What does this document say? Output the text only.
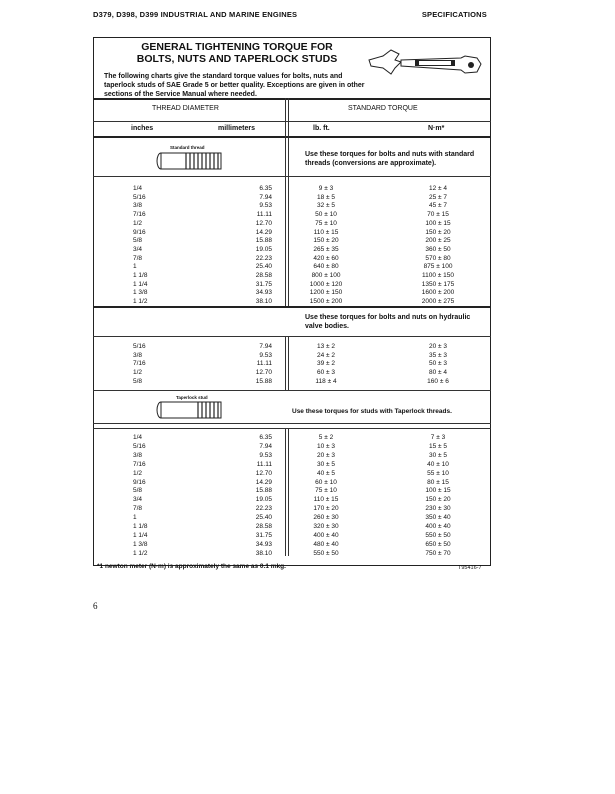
D379, D398, D399 INDUSTRIAL AND MARINE ENGINES	SPECIFICATIONS
GENERAL TIGHTENING TORQUE FOR
BOLTS, NUTS AND TAPERLOCK STUDS
The following charts give the standard torque values for bolts, nuts and taperlock studs of SAE Grade 5 or better quality. Exceptions are given in other sections of the Service Manual where needed.
THREAD DIAMETER	STANDARD TORQUE
inches	millimeters	lb. ft.	N·m*
Standard thread
Use these torques for bolts and nuts with standard threads (conversions are approximate).
1/4	6.35	9 ± 3	12 ± 4
5/16	7.94	18 ± 5	25 ± 7
3/8	9.53	32 ± 5	45 ± 7
7/16	11.11	50 ± 10	70 ± 15
1/2	12.70	75 ± 10	100 ± 15
9/16	14.29	110 ± 15	150 ± 20
5/8	15.88	150 ± 20	200 ± 25
3/4	19.05	265 ± 35	360 ± 50
7/8	22.23	420 ± 60	570 ± 80
1	25.40	640 ± 80	875 ± 100
1 1/8	28.58	800 ± 100	1100 ± 150
1 1/4	31.75	1000 ± 120	1350 ± 175
1 3/8	34.93	1200 ± 150	1600 ± 200
1 1/2	38.10	1500 ± 200	2000 ± 275
Use these torques for bolts and nuts on hydraulic valve bodies.
5/16	7.94	13 ± 2	20 ± 3
3/8	9.53	24 ± 2	35 ± 3
7/16	11.11	39 ± 2	50 ± 3
1/2	12.70	60 ± 3	80 ± 4
5/8	15.88	118 ± 4	160 ± 6
Taperlock stud
Use these torques for studs with Taperlock threads.
1/4	6.35	5 ± 2	7 ± 3
5/16	7.94	10 ± 3	15 ± 5
3/8	9.53	20 ± 3	30 ± 5
7/16	11.11	30 ± 5	40 ± 10
1/2	12.70	40 ± 5	55 ± 10
9/16	14.29	60 ± 10	80 ± 15
5/8	15.88	75 ± 10	100 ± 15
3/4	19.05	110 ± 15	150 ± 20
7/8	22.23	170 ± 20	230 ± 30
1	25.40	260 ± 30	350 ± 40
1 1/8	28.58	320 ± 30	400 ± 40
1 1/4	31.75	400 ± 40	550 ± 50
1 3/8	34.93	480 ± 40	650 ± 50
1 1/2	38.10	550 ± 50	750 ± 70
*1 newton meter (N·m) is approximately the same as 0.1 mkg.	T95416-7
6
